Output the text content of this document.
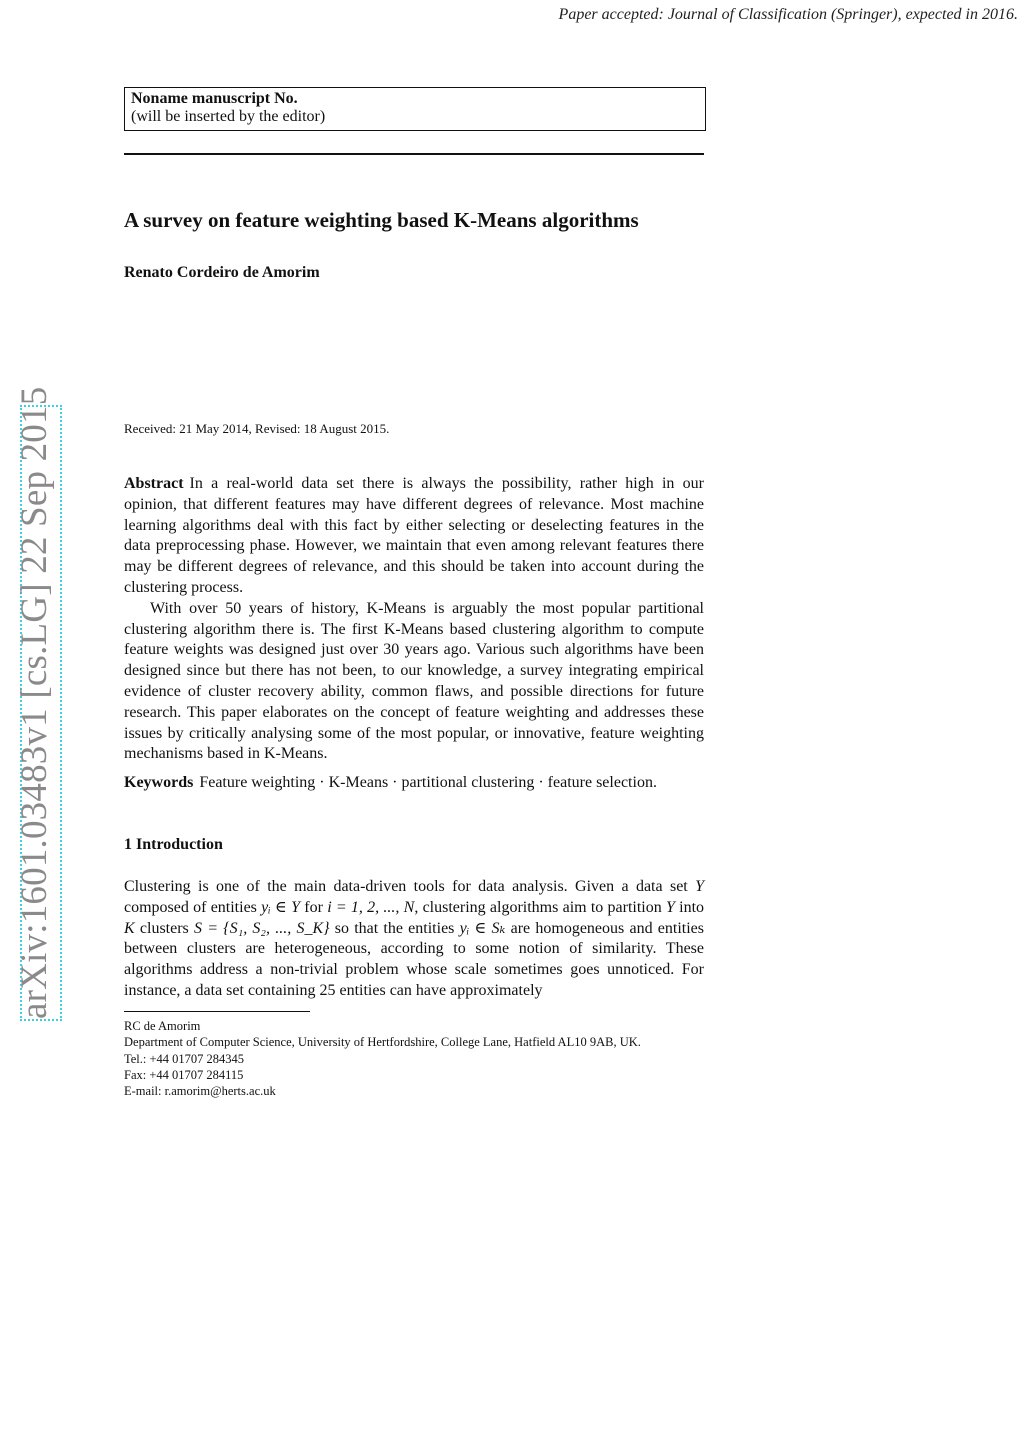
Paper accepted: Journal of Classification (Springer), expected in 2016.
Noname manuscript No.
(will be inserted by the editor)
A survey on feature weighting based K-Means algorithms
Renato Cordeiro de Amorim
Received: 21 May 2014, Revised: 18 August 2015.

Abstract In a real-world data set there is always the possibility, rather high in our opinion, that different features may have different degrees of relevance. Most machine learning algorithms deal with this fact by either selecting or deselecting features in the data preprocessing phase. However, we maintain that even among relevant features there may be different degrees of relevance, and this should be taken into account during the clustering process.

With over 50 years of history, K-Means is arguably the most popular partitional clustering algorithm there is. The first K-Means based clustering algorithm to compute feature weights was designed just over 30 years ago. Various such algorithms have been designed since but there has not been, to our knowledge, a survey integrating empirical evidence of cluster recovery ability, common flaws, and possible directions for future research. This paper elaborates on the concept of feature weighting and addresses these issues by critically analysing some of the most popular, or innovative, feature weighting mechanisms based in K-Means.

Keywords Feature weighting · K-Means · partitional clustering · feature selection.
1 Introduction

Clustering is one of the main data-driven tools for data analysis. Given a data set Y composed of entities yᵢ ∈ Y for i = 1, 2, ..., N, clustering algorithms aim to partition Y into K clusters S = {S₁, S₂, ..., S_K} so that the entities yᵢ ∈ Sₖ are homogeneous and entities between clusters are heterogeneous, according to some notion of similarity. These algorithms address a non-trivial problem whose scale sometimes goes unnoticed. For instance, a data set containing 25 entities can have approximately

RC de Amorim
Department of Computer Science, University of Hertfordshire, College Lane, Hatfield AL10 9AB, UK.
Tel.: +44 01707 284345
Fax: +44 01707 284115
E-mail: r.amorim@herts.ac.uk
arXiv:1601.03483v1 [cs.LG] 22 Sep 2015
